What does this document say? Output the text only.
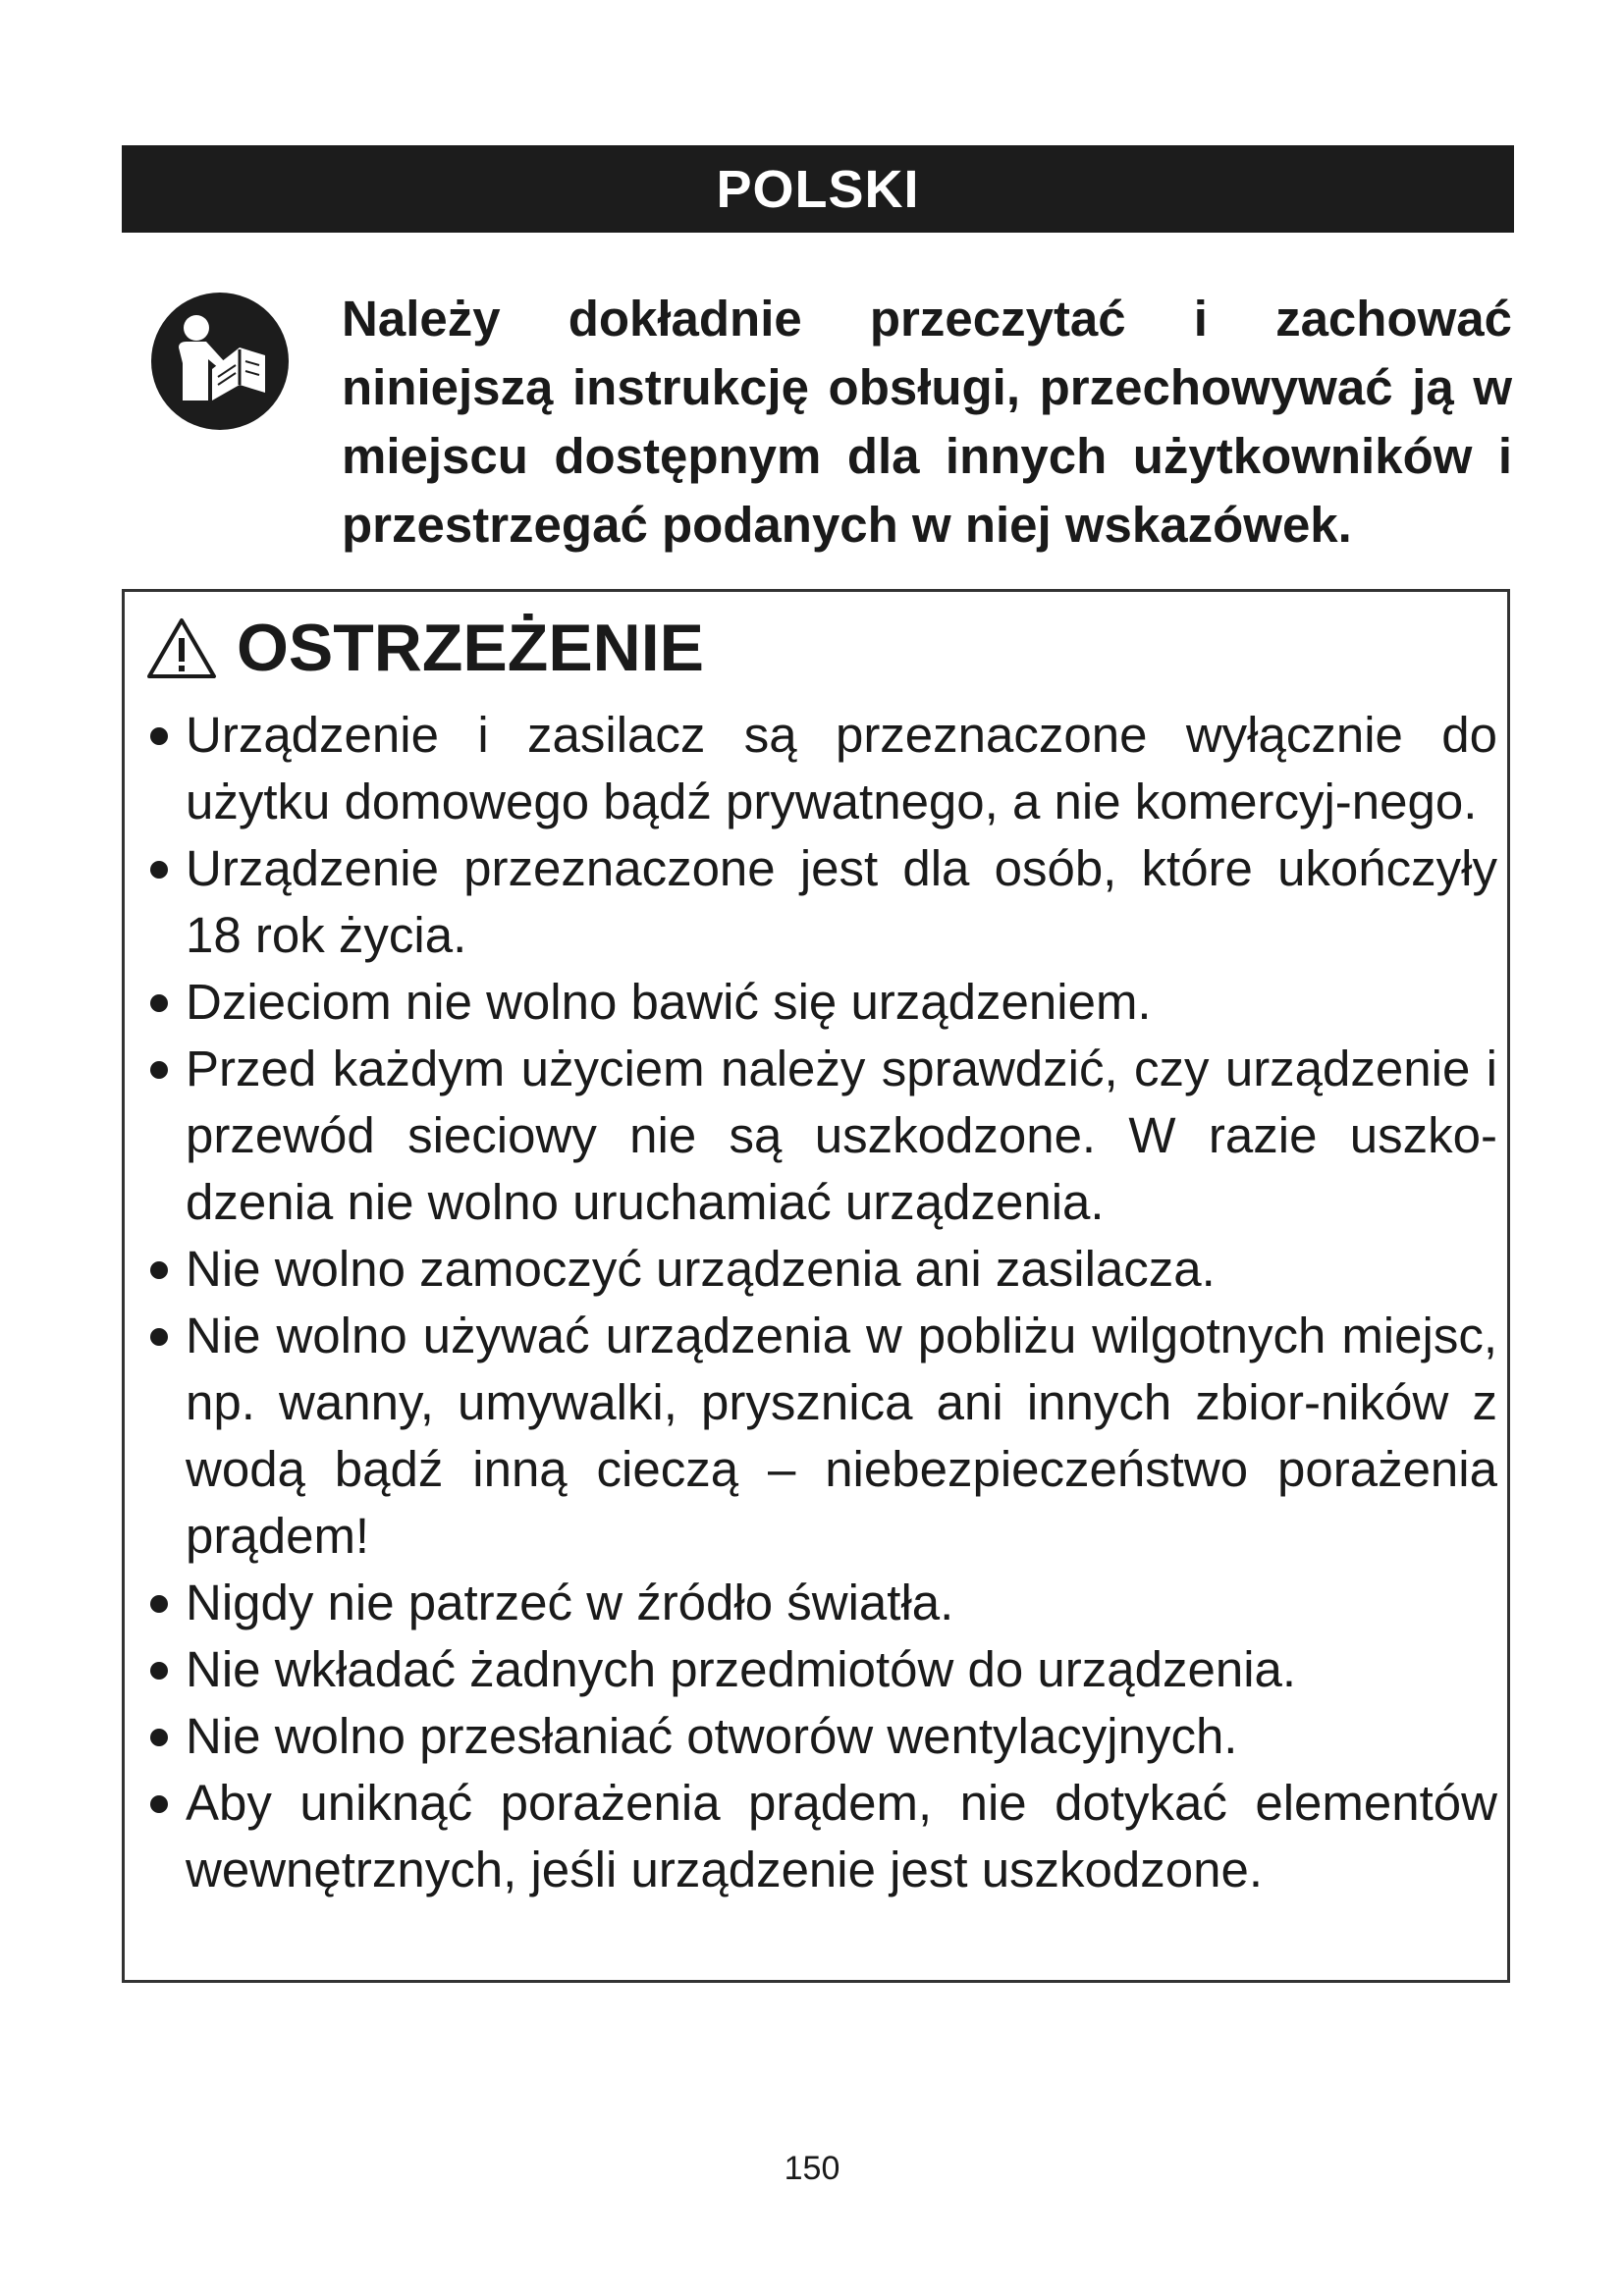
POLSKI

Należy dokładnie przeczytać i zachować niniejszą instrukcję obsługi, przechowywać ją w miejscu dostępnym dla innych użytkowników i przestrzegać podanych w niej wskazówek.

OSTRZEŻENIE
Urządzenie i zasilacz są przeznaczone wyłącznie do użytku domowego bądź prywatnego, a nie komercyj-nego.
Urządzenie przeznaczone jest dla osób, które ukończyły 18 rok życia.
Dzieciom nie wolno bawić się urządzeniem.
Przed każdym użyciem należy sprawdzić, czy urządzenie i przewód sieciowy nie są uszkodzone. W razie uszko-dzenia nie wolno uruchamiać urządzenia.
Nie wolno zamoczyć urządzenia ani zasilacza.
Nie wolno używać urządzenia w pobliżu wilgotnych miejsc, np. wanny, umywalki, prysznica ani innych zbior-ników z wodą bądź inną cieczą – niebezpieczeństwo porażenia prądem!
Nigdy nie patrzeć w źródło światła.
Nie wkładać żadnych przedmiotów do urządzenia.
Nie wolno przesłaniać otworów wentylacyjnych.
Aby uniknąć porażenia prądem, nie dotykać elementów wewnętrznych, jeśli urządzenie jest uszkodzone.
150
